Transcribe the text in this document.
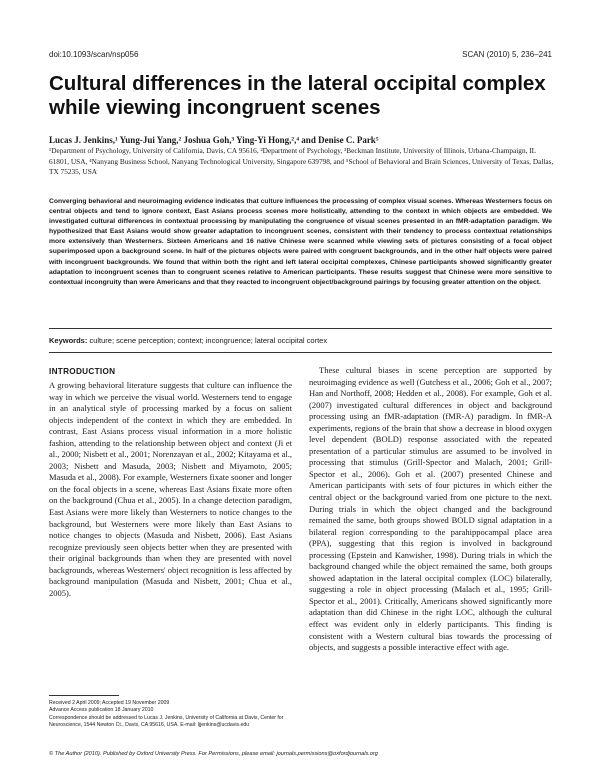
doi:10.1093/scan/nsp056	SCAN (2010) 5, 236–241
Cultural differences in the lateral occipital complex while viewing incongruent scenes
Lucas J. Jenkins,¹ Yung-Jui Yang,² Joshua Goh,³ Ying-Yi Hong,²,⁴ and Denise C. Park⁵
¹Department of Psychology, University of California, Davis, CA 95616, ²Department of Psychology, ³Beckman Institute, University of Illinois, Urbana-Champaign, IL 61801, USA, ⁴Nanyang Business School, Nanyang Technological University, Singapore 639798, and ⁵School of Behavioral and Brain Sciences, University of Texas, Dallas, TX 75235, USA

Converging behavioral and neuroimaging evidence indicates that culture influences the processing of complex visual scenes. Whereas Westerners focus on central objects and tend to ignore context, East Asians process scenes more holistically, attending to the context in which objects are embedded. We investigated cultural differences in contextual processing by manipulating the congruence of visual scenes presented in an fMR-adaptation paradigm. We hypothesized that East Asians would show greater adaptation to incongruent scenes, consistent with their tendency to process contextual relationships more extensively than Westerners. Sixteen Americans and 16 native Chinese were scanned while viewing sets of pictures consisting of a focal object superimposed upon a background scene. In half of the pictures objects were paired with congruent backgrounds, and in the other half objects were paired with incongruent backgrounds. We found that within both the right and left lateral occipital complexes, Chinese participants showed significantly greater adaptation to incongruent scenes than to congruent scenes relative to American participants. These results suggest that Chinese were more sensitive to contextual incongruity than were Americans and that they reacted to incongruent object/background pairings by focusing greater attention on the object.

Keywords: culture; scene perception; context; incongruence; lateral occipital cortex
INTRODUCTION

A growing behavioral literature suggests that culture can influence the way in which we perceive the visual world. Westerners tend to engage in an analytical style of processing marked by a focus on salient objects independent of the context in which they are embedded. In contrast, East Asians process visual information in a more holistic fashion, attending to the relationship between object and context (Ji et al., 2000; Nisbett et al., 2001; Norenzayan et al., 2002; Kitayama et al., 2003; Nisbett and Masuda, 2003; Nisbett and Miyamoto, 2005; Masuda et al., 2008). For example, Westerners fixate sooner and longer on the focal objects in a scene, whereas East Asians fixate more often on the background (Chua et al., 2005). In a change detection paradigm, East Asians were more likely than Westerners to notice changes to the background, but Westerners were more likely than East Asians to notice changes to objects (Masuda and Nisbett, 2006). East Asians recognize previously seen objects better when they are presented with their original backgrounds than when they are presented with novel backgrounds, whereas Westerners' object recognition is less affected by background manipulation (Masuda and Nisbett, 2001; Chua et al., 2005).

These cultural biases in scene perception are supported by neuroimaging evidence as well (Gutchess et al., 2006; Goh et al., 2007; Han and Northoff, 2008; Hedden et al., 2008). For example, Goh et al. (2007) investigated cultural differences in object and background processing using an fMR-adaptation (fMR-A) paradigm. In fMR-A experiments, regions of the brain that show a decrease in blood oxygen level dependent (BOLD) response associated with the repeated presentation of a particular stimulus are assumed to be involved in processing that stimulus (Grill-Spector and Malach, 2001; Grill-Spector et al., 2006). Goh et al. (2007) presented Chinese and American participants with sets of four pictures in which either the central object or the background varied from one picture to the next. During trials in which the object changed and the background remained the same, both groups showed BOLD signal adaptation in a bilateral region corresponding to the parahippocampal place area (PPA), suggesting that this region is involved in background processing (Epstein and Kanwisher, 1998). During trials in which the background changed while the object remained the same, both groups showed adaptation in the lateral occipital complex (LOC) bilaterally, suggesting a role in object processing (Malach et al., 1995; Grill-Spector et al., 2001). Critically, Americans showed significantly more adaptation than did Chinese in the right LOC, although the cultural effect was evident only in elderly participants. This finding is consistent with a Western cultural bias towards the processing of objects, and suggests a possible interactive effect with age.

Received 2 April 2009; Accepted 19 November 2009
Advance Access publication 18 January 2010
Correspondence should be addressed to Lucas J. Jenkins, University of California at Davis, Center for Neuroscience, 1544 Newton Ct., Davis, CA 95616, USA. E-mail: ljjenkins@ucdavis.edu
© The Author (2010). Published by Oxford University Press. For Permissions, please email: journals.permissions@oxfordjournals.org
